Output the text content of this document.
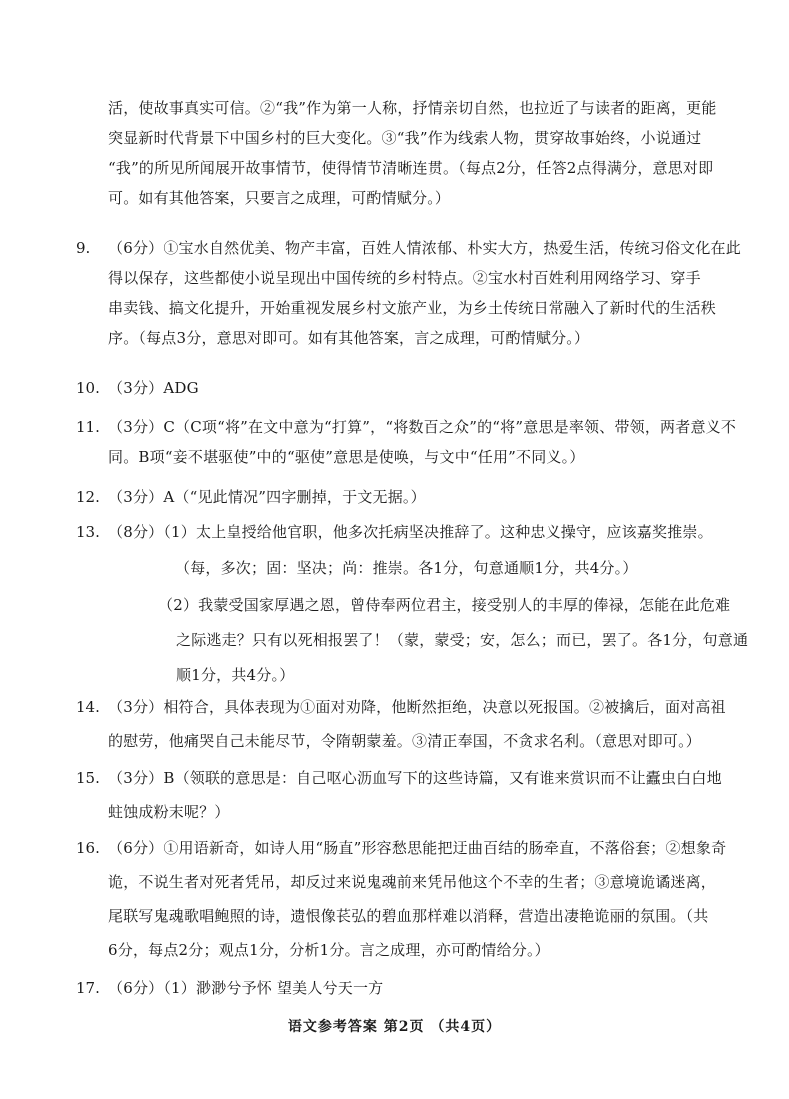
活，使故事真实可信。②“我”作为第一人称，抒情亲切自然，也拉近了与读者的距离，更能
突显新时代背景下中国乡村的巨大变化。③“我”作为线索人物，贯穿故事始终，小说通过
“我”的所见所闻展开故事情节，使得情节清晰连贯。（每点2分，任答2点得满分，意思对即
可。如有其他答案，只要言之成理，可酌情赋分。）
9. （6分）①宝水自然优美、物产丰富，百姓人情浓郁、朴实大方，热爱生活，传统习俗文化在此
得以保存，这些都使小说呈现出中国传统的乡村特点。②宝水村百姓利用网络学习、穿手
串卖钱、搞文化提升，开始重视发展乡村文旅产业，为乡土传统日常融入了新时代的生活秩
序。（每点3分，意思对即可。如有其他答案，言之成理，可酌情赋分。）
10. （3分）ADG
11. （3分）C（C项“将”在文中意为“打算”，“将数百之众”的“将”意思是率领、带领，两者意义不
同。B项“妾不堪驱使”中的“驱使”意思是使唤，与文中“任用”不同义。）
12. （3分）A（“见此情况”四字删掉，于文无据。）
13. （8分）（1）太上皇授给他官职，他多次托病坚决推辞了。这种忠义操守，应该嘉奖推崇。
（每，多次；固：坚决；尚：推崇。各1分，句意通顺1分，共4分。）
（2）我蒙受国家厚遇之恩，曾侍奉两位君主，接受别人的丰厚的俸禄，怎能在此危难
之际逃走？只有以死相报罢了！（蒙，蒙受；安，怎么；而已，罢了。各1分，句意通
顺1分，共4分。）
14. （3分）相符合，具体表现为①面对劝降，他断然拒绝，决意以死报国。②被擒后，面对高祖
的慰劳，他痛哭自己未能尽节，令隋朝蒙羞。③清正奉国，不贪求名利。（意思对即可。）
15. （3分）B（领联的意思是：自己呕心沥血写下的这些诗篇，又有谁来赏识而不让蠹虫白白地
蛀蚀成粉末呢？）
16. （6分）①用语新奇，如诗人用“肠直”形容愁思能把迂曲百结的肠牵直，不落俗套；②想象奇
诡，不说生者对死者凭吊，却反过来说鬼魂前来凭吊他这个不幸的生者；③意境诡谲迷离，
尾联写鬼魂歌唱鲍照的诗，遗恨像苌弘的碧血那样难以消释，营造出凄艳诡丽的氛围。（共
6分，每点2分；观点1分，分析1分。言之成理，亦可酌情给分。）
17. （6分）（1）渺渺兮予怀 望美人兮天一方
语文参考答案 第2页 （共4页）
